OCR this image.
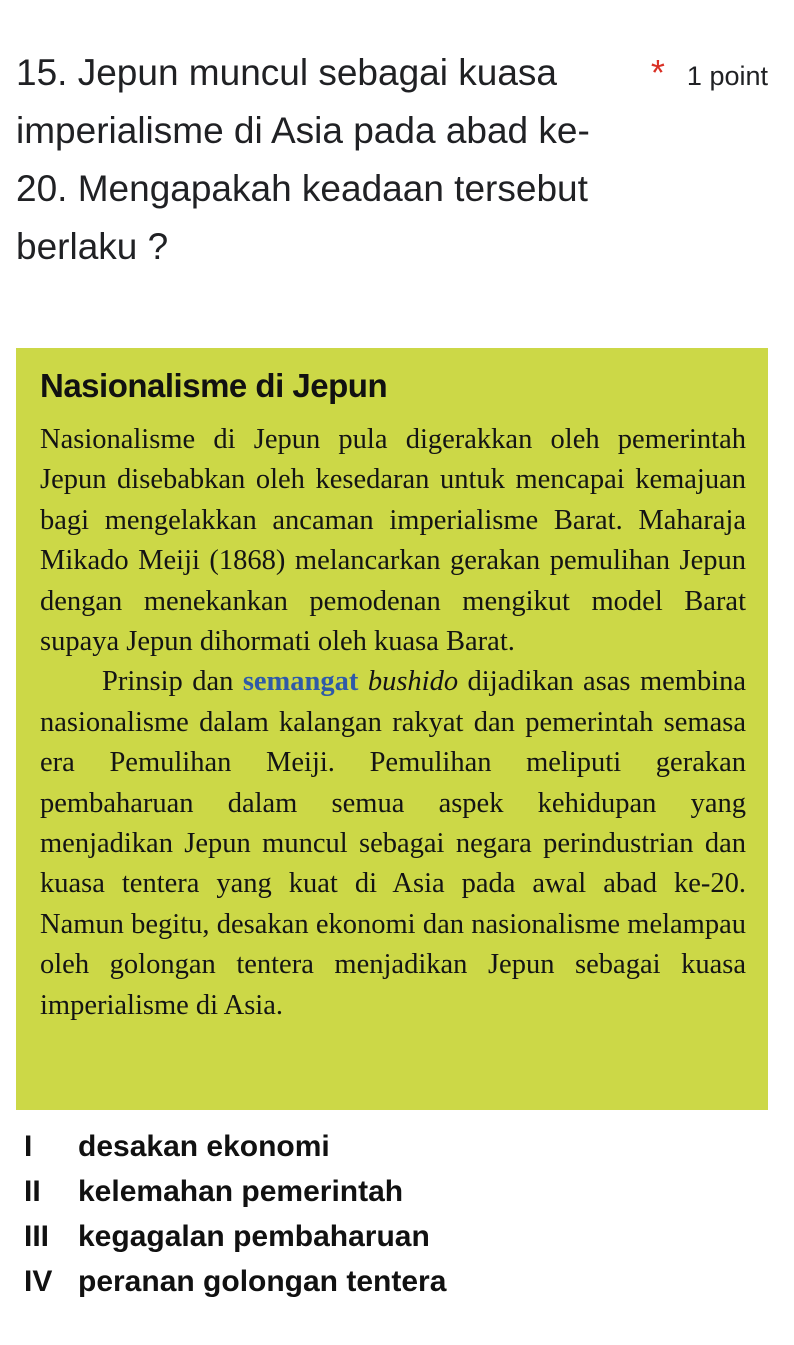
15. Jepun muncul sebagai kuasa imperialisme di Asia pada abad ke-20. Mengapakah keadaan tersebut berlaku ?

* 1 point
Nasionalisme di Jepun

Nasionalisme di Jepun pula digerakkan oleh pemerintah Jepun disebabkan oleh kesedaran untuk mencapai kemajuan bagi mengelakkan ancaman imperialisme Barat. Maharaja Mikado Meiji (1868) melancarkan gerakan pemulihan Jepun dengan menekankan pemodenan mengikut model Barat supaya Jepun dihormati oleh kuasa Barat.

Prinsip dan semangat bushido dijadikan asas membina nasionalisme dalam kalangan rakyat dan pemerintah semasa era Pemulihan Meiji. Pemulihan meliputi gerakan pembaharuan dalam semua aspek kehidupan yang menjadikan Jepun muncul sebagai negara perindustrian dan kuasa tentera yang kuat di Asia pada awal abad ke-20. Namun begitu, desakan ekonomi dan nasionalisme melampau oleh golongan tentera menjadikan Jepun sebagai kuasa imperialisme di Asia.

I	desakan ekonomi
II	kelemahan pemerintah
III kegagalan pembaharuan
IV peranan golongan tentera
